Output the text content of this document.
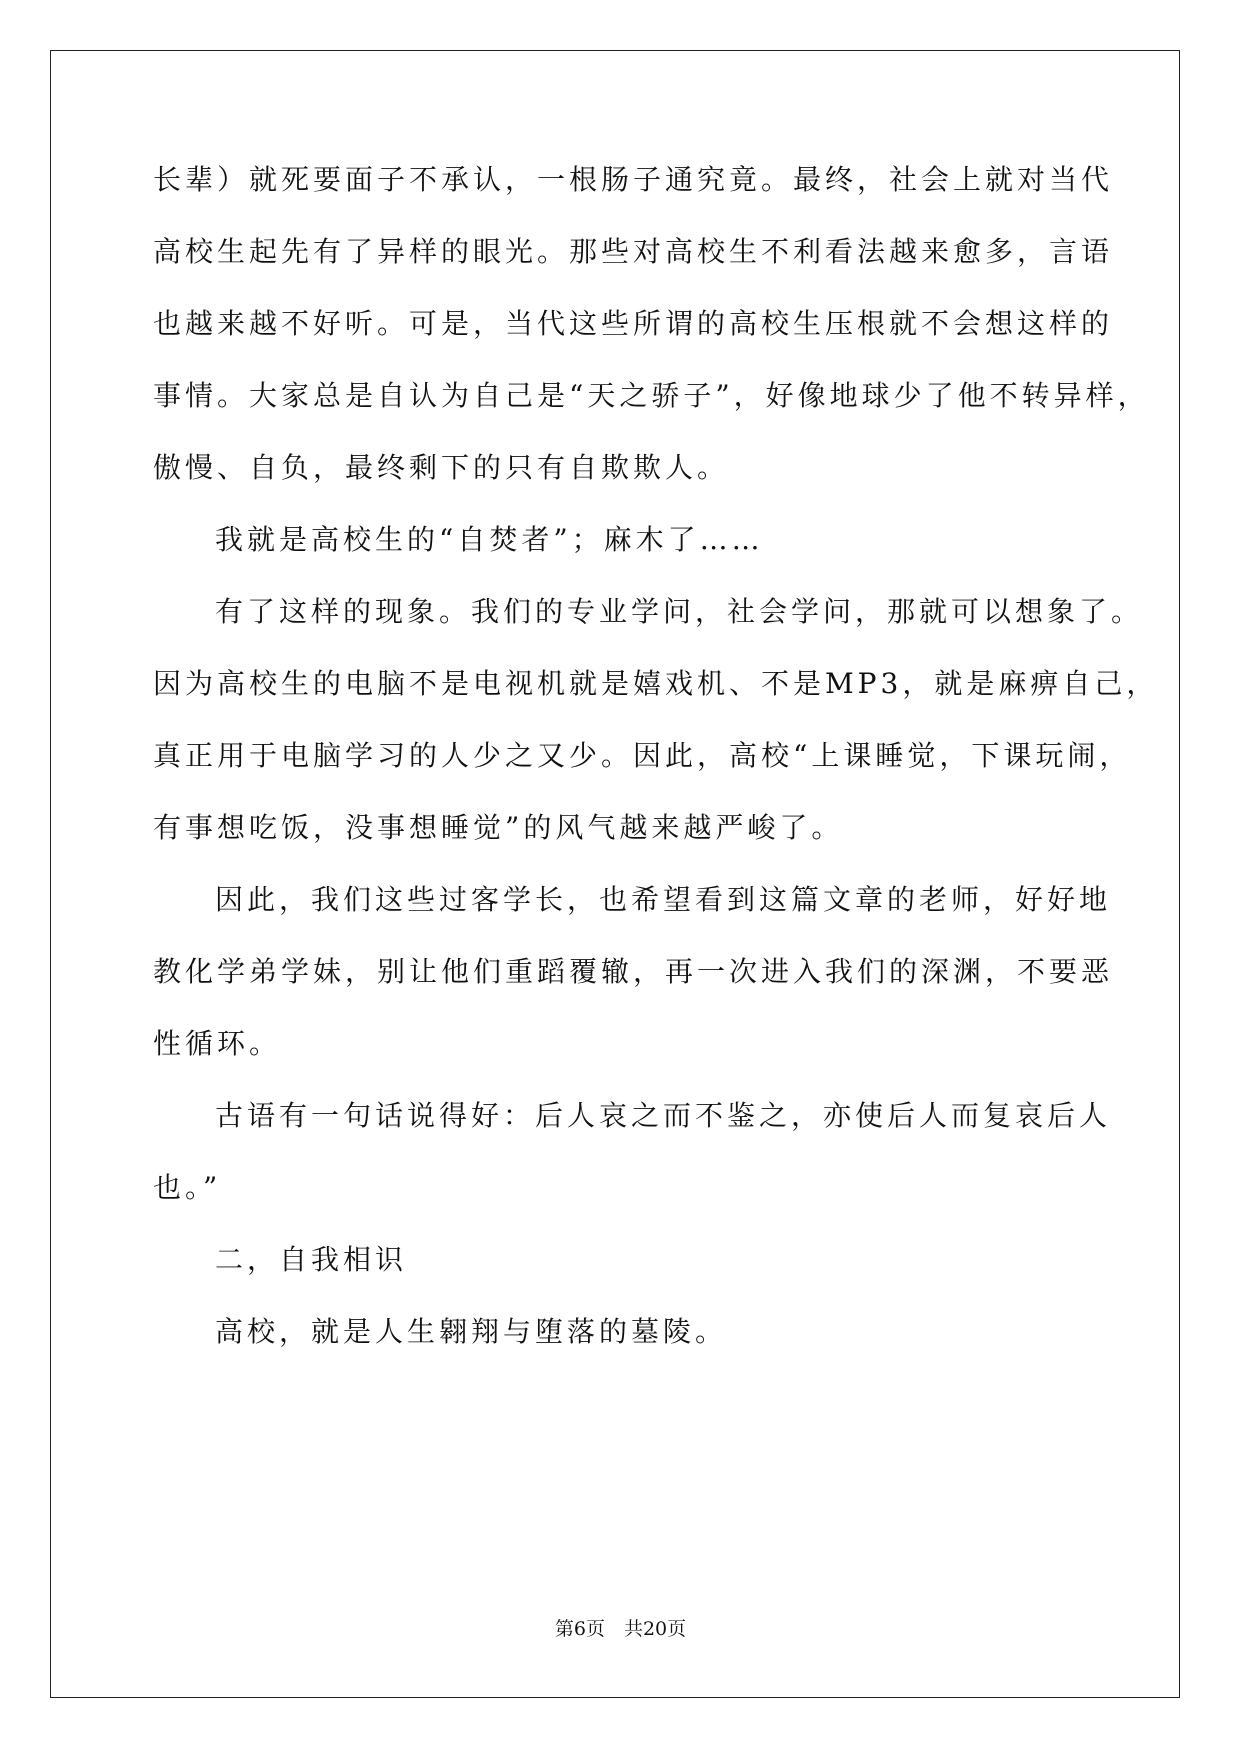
长辈）就死要面子不承认，一根肠子通究竟。最终，社会上就对当代
高校生起先有了异样的眼光。那些对高校生不利看法越来愈多，言语
也越来越不好听。可是，当代这些所谓的高校生压根就不会想这样的
事情。大家总是自认为自己是“天之骄子”，好像地球少了他不转异样，
傲慢、自负，最终剩下的只有自欺欺人。
我就是高校生的“自焚者”；麻木了……
有了这样的现象。我们的专业学问，社会学问，那就可以想象了。
因为高校生的电脑不是电视机就是嬉戏机、不是MP3，就是麻痹自己，
真正用于电脑学习的人少之又少。因此，高校“上课睡觉，下课玩闹，
有事想吃饭，没事想睡觉”的风气越来越严峻了。
因此，我们这些过客学长，也希望看到这篇文章的老师，好好地
教化学弟学妹，别让他们重蹈覆辙，再一次进入我们的深渊，不要恶
性循环。
古语有一句话说得好：后人哀之而不鉴之，亦使后人而复哀后人
也。”
二，自我相识
高校，就是人生翱翔与堕落的墓陵。
第6页　共20页
